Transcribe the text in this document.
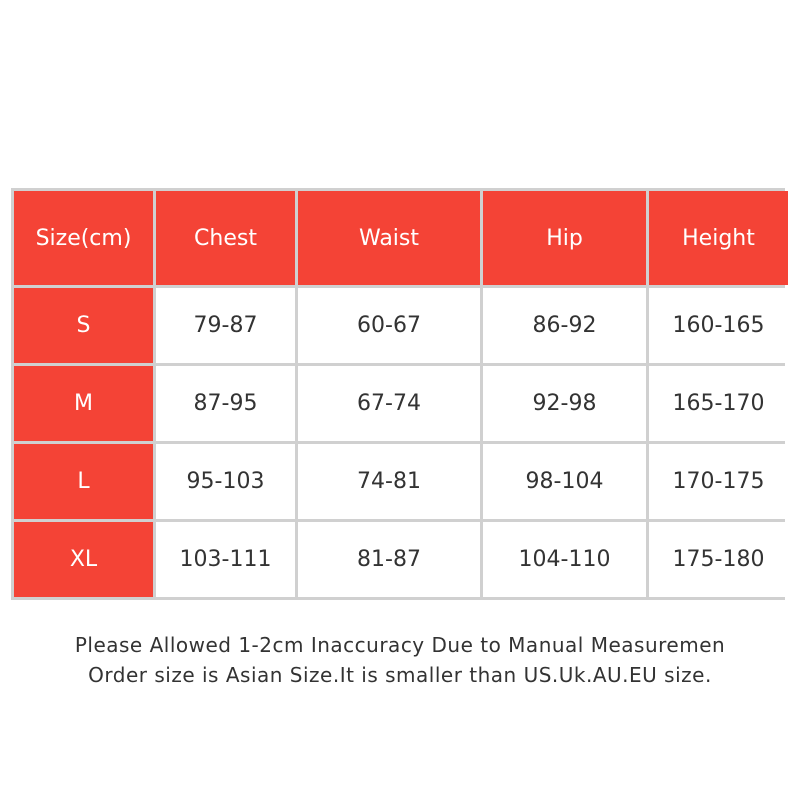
Size(cm)	Chest	Waist	Hip	Height
S	79-87	60-67	86-92	160-165
M	87-95	67-74	92-98	165-170
L	95-103	74-81	98-104	170-175
XL	103-111	81-87	104-110	175-180
Please Allowed 1-2cm Inaccuracy Due to Manual Measuremen
Order size is Asian Size.It is smaller than US.Uk.AU.EU size.
